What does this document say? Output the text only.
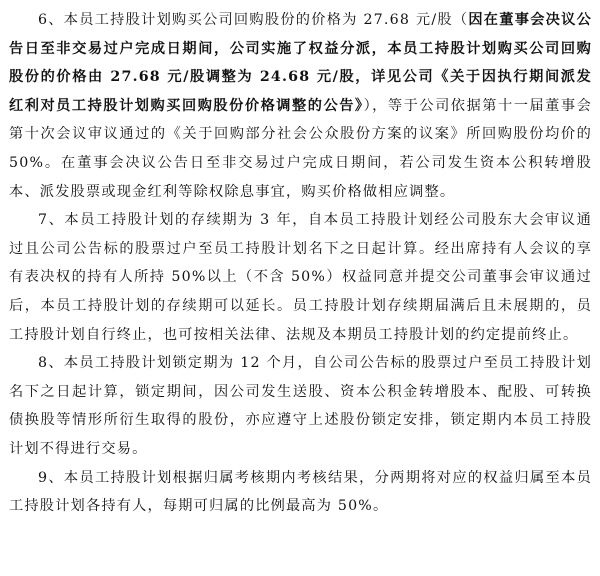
6、本员工持股计划购买公司回购股份的价格为 27.68 元/股（因在董事会决议公告日至非交易过户完成日期间，公司实施了权益分派，本员工持股计划购买公司回购股份的价格由 27.68 元/股调整为 24.68 元/股，详见公司《关于因执行期间派发红利对员工持股计划购买回购股份价格调整的公告》），等于公司依据第十一届董事会第十次会议审议通过的《关于回购部分社会公众股份方案的议案》所回购股份均价的 50%。在董事会决议公告日至非交易过户完成日期间，若公司发生资本公积转增股本、派发股票或现金红利等除权除息事宜，购买价格做相应调整。

7、本员工持股计划的存续期为 3 年，自本员工持股计划经公司股东大会审议通过且公司公告标的股票过户至员工持股计划名下之日起计算。经出席持有人会议的享有表决权的持有人所持 50%以上（不含 50%）权益同意并提交公司董事会审议通过后，本员工持股计划的存续期可以延长。员工持股计划存续期届满后且未展期的，员工持股计划自行终止，也可按相关法律、法规及本期员工持股计划的约定提前终止。

8、本员工持股计划锁定期为 12 个月，自公司公告标的股票过户至员工持股计划名下之日起计算，锁定期间，因公司发生送股、资本公积金转增股本、配股、可转换债换股等情形所衍生取得的股份，亦应遵守上述股份锁定安排，锁定期内本员工持股计划不得进行交易。

9、本员工持股计划根据归属考核期内考核结果，分两期将对应的权益归属至本员工持股计划各持有人，每期可归属的比例最高为 50%。
